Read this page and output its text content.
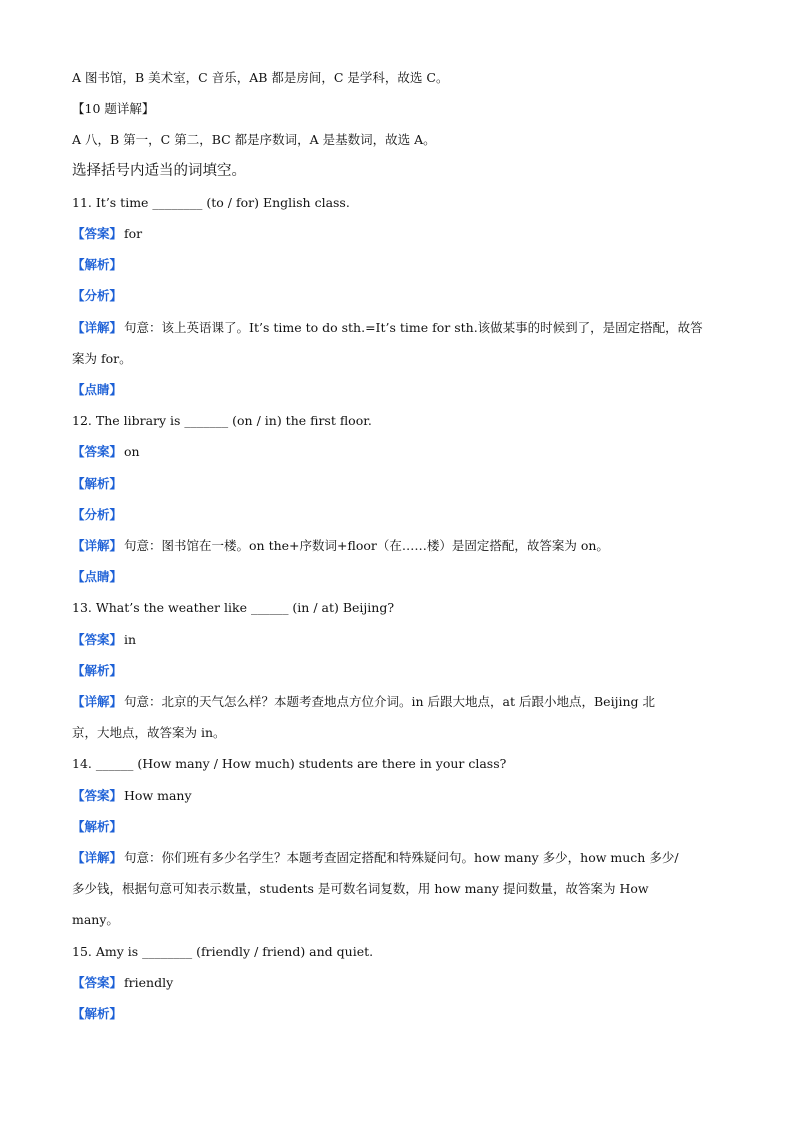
A 图书馆，B 美术室，C 音乐，AB 都是房间，C 是学科，故选 C。
【10 题详解】
A 八，B 第一，C 第二，BC 都是序数词，A 是基数词，故选 A。
选择括号内适当的词填空。
11. It’s time ________ (to / for) English class.
【答案】 for
【解析】
【分析】
【详解】 句意：该上英语课了。It’s time to do sth.=It’s time for sth.该做某事的时候到了，是固定搭配，故答
案为 for。
【点睛】
12. The library is _______ (on / in) the first floor.
【答案】 on
【解析】
【分析】
【详解】 句意：图书馆在一楼。on the+序数词+floor（在……楼）是固定搭配，故答案为 on。
【点睛】
13. What’s the weather like ______ (in / at) Beijing?
【答案】 in
【解析】
【详解】 句意：北京的天气怎么样？本题考查地点方位介词。in 后跟大地点，at 后跟小地点，Beijing 北
京，大地点，故答案为 in。
14. ______ (How many / How much) students are there in your class?
【答案】 How many
【解析】
【详解】 句意：你们班有多少名学生？本题考查固定搭配和特殊疑问句。how many 多少，how much 多少/
多少钱，根据句意可知表示数量，students 是可数名词复数，用 how many 提问数量，故答案为 How
many。
15. Amy is ________ (friendly / friend) and quiet.
【答案】 friendly
【解析】
